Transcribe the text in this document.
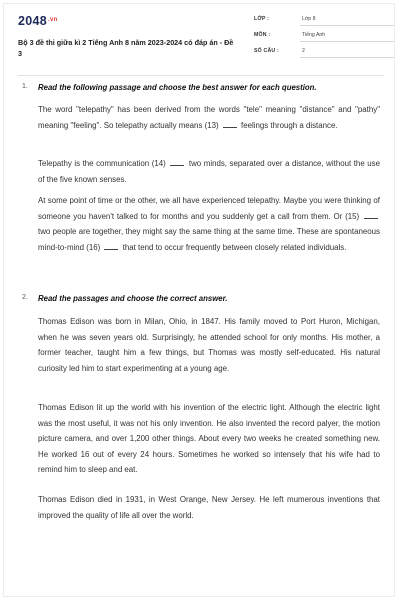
$2048^{.vn}$
Bộ 3 đề thi giữa kì 2 Tiếng Anh 8 năm 2023-2024 có đáp án - Đề 3
LỚP :	Lớp 8
MÔN :	Tiếng Anh
SỐ CÂU :	2
1. Read the following passage and choose the best answer for each question.
The word "telepathy" has been derived from the words "tele" meaning "distance" and "pathy" meaning "feeling". So telepathy actually means (13)	feelings through a distance.
Telepathy is the communication (14)	two minds, separated over a distance, without the use of the five known senses.
At some point of time or the other, we all have experienced telepathy. Maybe you were thinking of someone you haven't talked to for months and you suddenly get a call from them. Or (15)  two people are together, they might say the same thing at the same time. These are spontaneous mind-to-mind (16)	that tend to occur frequently between closely related individuals.
2. Read the passages and choose the correct answer.
Thomas Edison was born in Milan, Ohio, in 1847. His family moved to Port Huron, Michigan, when he was seven years old. Surprisingly, he attended school for only months. His mother, a former teacher, taught him a few things, but Thomas was mostly self-educated. His natural curiosity led him to start experimenting at a young age.
Thomas Edison lit up the world with his invention of the electric light. Although the electric light was the most useful, it was not his only invention. He also invented the record palyer, the motion picture camera, and over 1,200 other things. About every two weeks he created something new. He worked 16 out of every 24 hours. Sometimes he worked so intensely that his wife had to remind him to sleep and eat.
Thomas Edison died in 1931, in West Orange, New Jersey. He left mumerous inventions that improved the quality of life all over the world.
